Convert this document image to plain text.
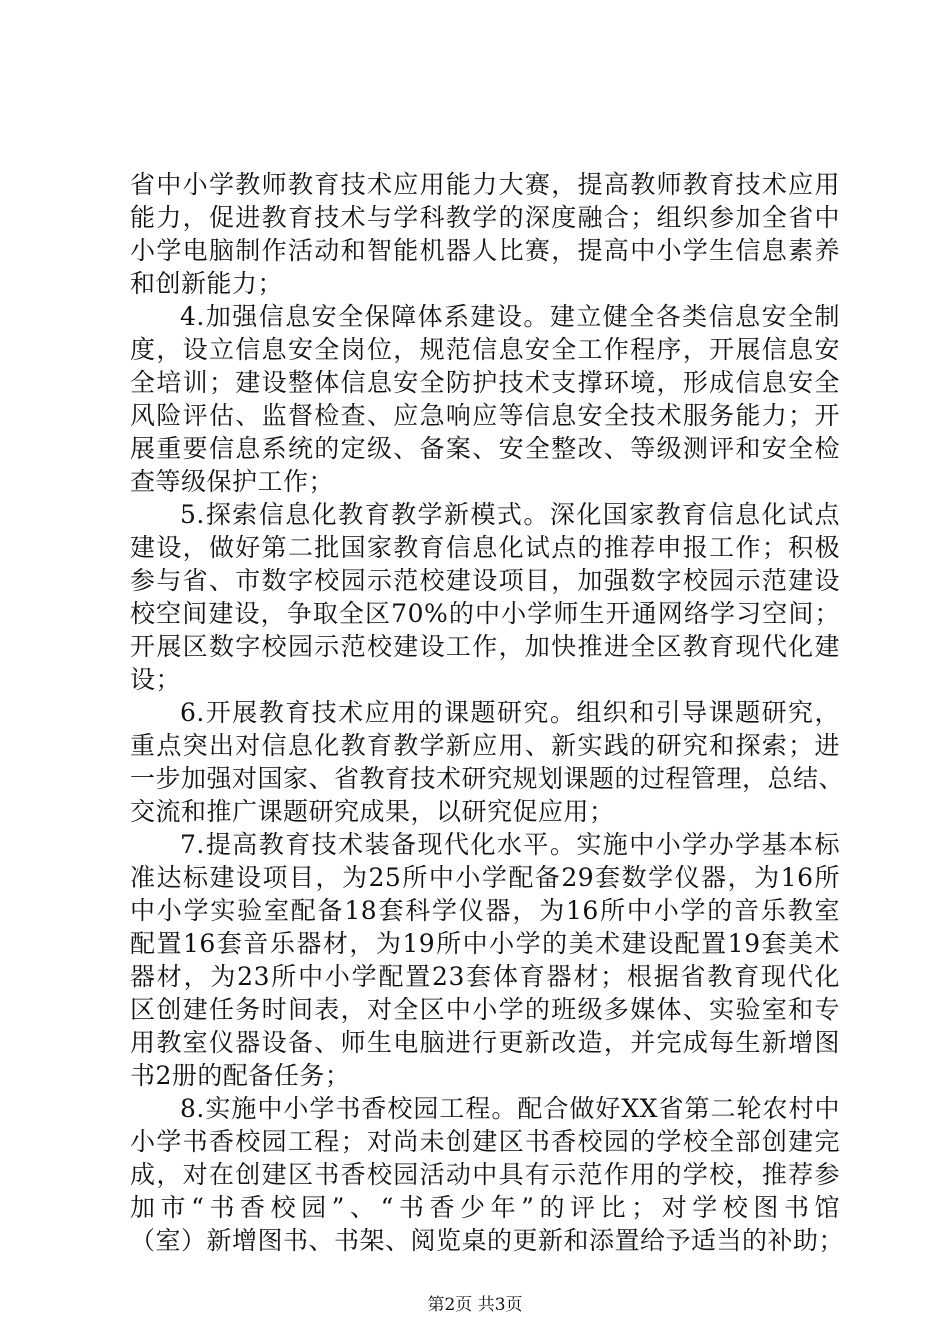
省中小学教师教育技术应用能力大赛，提高教师教育技术应用
能力，促进教育技术与学科教学的深度融合；组织参加全省中
小学电脑制作活动和智能机器人比赛，提高中小学生信息素养
和创新能力；
4.加强信息安全保障体系建设。建立健全各类信息安全制
度，设立信息安全岗位，规范信息安全工作程序，开展信息安
全培训；建设整体信息安全防护技术支撑环境，形成信息安全
风险评估、监督检查、应急响应等信息安全技术服务能力；开
展重要信息系统的定级、备案、安全整改、等级测评和安全检
查等级保护工作；
5.探索信息化教育教学新模式。深化国家教育信息化试点
建设，做好第二批国家教育信息化试点的推荐申报工作；积极
参与省、市数字校园示范校建设项目，加强数字校园示范建设
校空间建设，争取全区70%的中小学师生开通网络学习空间；
开展区数字校园示范校建设工作，加快推进全区教育现代化建
设；
6.开展教育技术应用的课题研究。组织和引导课题研究，
重点突出对信息化教育教学新应用、新实践的研究和探索；进
一步加强对国家、省教育技术研究规划课题的过程管理，总结、
交流和推广课题研究成果，以研究促应用；
7.提高教育技术装备现代化水平。实施中小学办学基本标
准达标建设项目，为25所中小学配备29套数学仪器，为16所
中小学实验室配备18套科学仪器，为16所中小学的音乐教室
配置16套音乐器材，为19所中小学的美术建设配置19套美术
器材，为23所中小学配置23套体育器材；根据省教育现代化
区创建任务时间表，对全区中小学的班级多媒体、实验室和专
用教室仪器设备、师生电脑进行更新改造，并完成每生新增图
书2册的配备任务；
8.实施中小学书香校园工程。配合做好XX省第二轮农村中
小学书香校园工程；对尚未创建区书香校园的学校全部创建完
成，对在创建区书香校园活动中具有示范作用的学校，推荐参
加市“书香校园”、“书香少年”的评比；对学校图书馆
（室）新增图书、书架、阅览桌的更新和添置给予适当的补助；
第2页 共3页
